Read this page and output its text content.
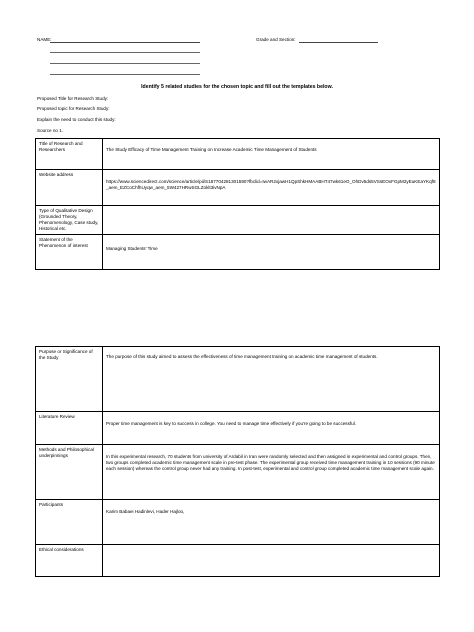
NAME:	Grade and Section:
Identify 5 related studies for the chosen topic and fill out the templates below.
Proposed Title for Research Study:
Proposed topic for Research Study:
Explain the need to conduct this study:
Source no 1.
Title of Research and Researchers	The Study Efficacy of Time Management Training on Increase Academic Time Management of Students

Website address	https://www.sciencedirect.com/science/article/pii/S187704281301590?fbclid=IwAR2xjawH1QpShkHMAABHT47wk61eO_OhDv5ds5VSsEOxFGpM2yEuKEaYKqf8_aem_EZCoChfhUyqw_aem_5W427HRwSGLZoklI3ivNpA

Type of Qualitative Design (Grounded Theory, Phenomenology, Case study, Historical etc.	
Statement of the Phenomenon of interest	Managing Students' Time
Purpose or Significance of the Study	The purpose of this study aimed to assess the effectiveness of time management training on academic time management of students.

Literature Review	Proper time management is key to success in college. You need to manage time effectively if you're going to be successful.

Methods and Philosophical underpinnings	In this experimental research, 70 students from university of Ardabil in Iran were randomly selected and then assigned in experimental and control groups. Then, two groups completed academic time management scale in pre-test phase. The experimental group received time management training in 10 sessions (90 minute each session) whereas the control group never had any training. In post-test, experimental and control group completed academic time management scale again.

Participants	Karim Babaei Hadinlevi, Hader Hajloo,

Ethical considerations	
